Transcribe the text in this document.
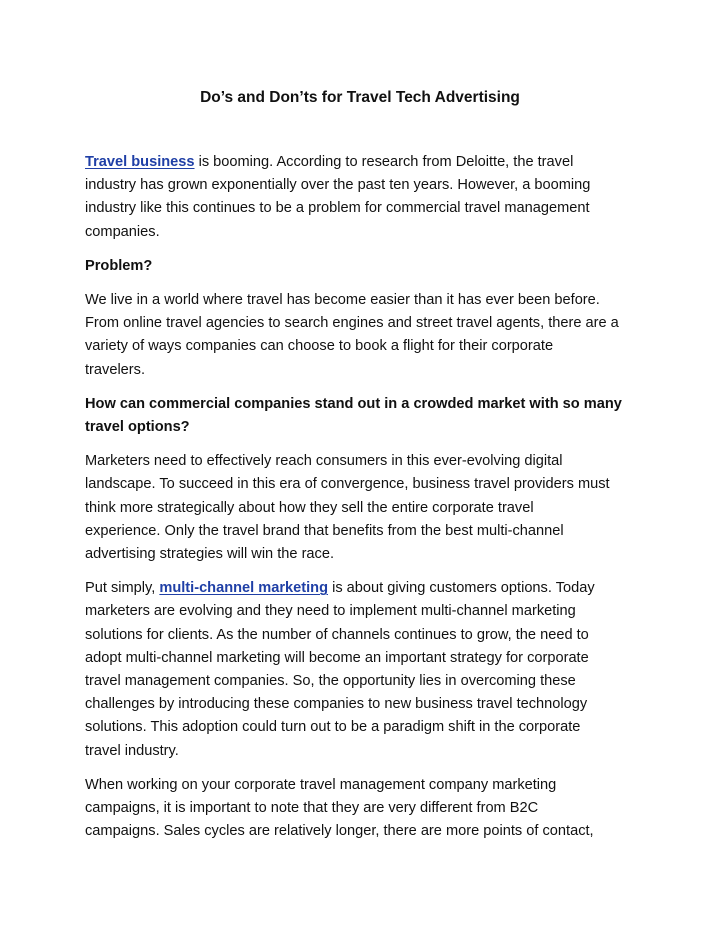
Do’s and Don’ts for Travel Tech Advertising

Travel business is booming. According to research from Deloitte, the travel
industry has grown exponentially over the past ten years. However, a booming
industry like this continues to be a problem for commercial travel management
companies.

Problem?

We live in a world where travel has become easier than it has ever been before.
From online travel agencies to search engines and street travel agents, there are a
variety of ways companies can choose to book a flight for their corporate
travelers.

How can commercial companies stand out in a crowded market with so many
travel options?

Marketers need to effectively reach consumers in this ever-evolving digital
landscape. To succeed in this era of convergence, business travel providers must
think more strategically about how they sell the entire corporate travel
experience. Only the travel brand that benefits from the best multi-channel
advertising strategies will win the race.

Put simply, multi-channel marketing is about giving customers options. Today
marketers are evolving and they need to implement multi-channel marketing
solutions for clients. As the number of channels continues to grow, the need to
adopt multi-channel marketing will become an important strategy for corporate
travel management companies. So, the opportunity lies in overcoming these
challenges by introducing these companies to new business travel technology
solutions. This adoption could turn out to be a paradigm shift in the corporate
travel industry.

When working on your corporate travel management company marketing
campaigns, it is important to note that they are very different from B2C
campaigns. Sales cycles are relatively longer, there are more points of contact,
